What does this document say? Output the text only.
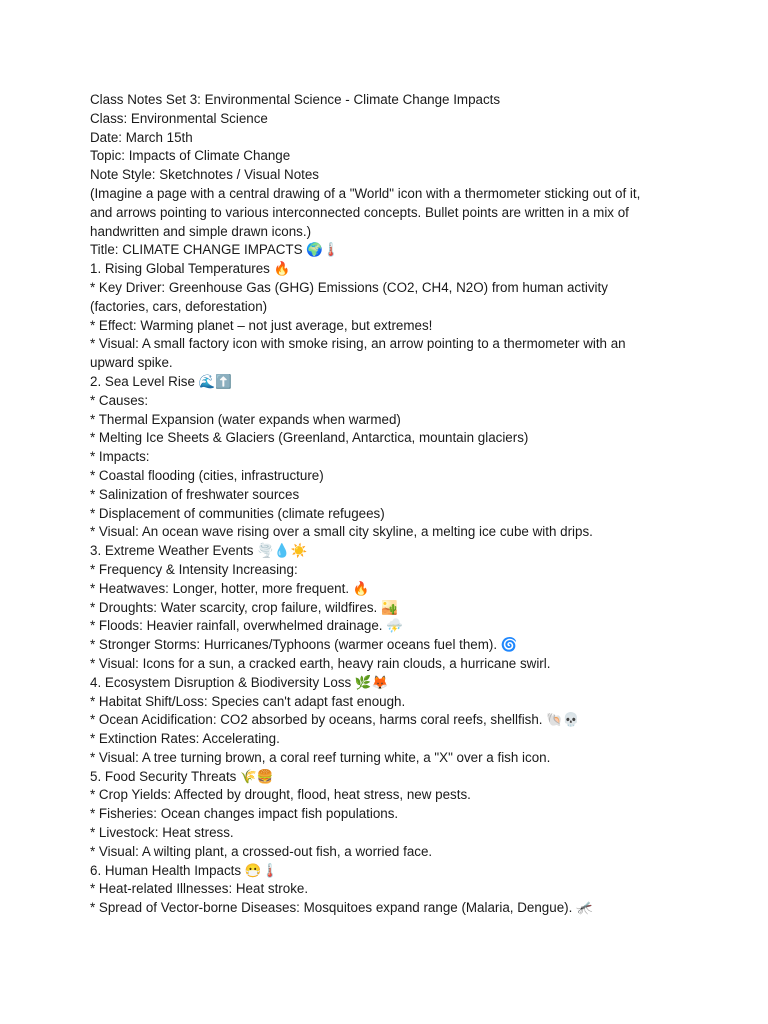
Class Notes Set 3: Environmental Science - Climate Change Impacts

Class: Environmental Science

Date: March 15th

Topic: Impacts of Climate Change

Note Style: Sketchnotes / Visual Notes

(Imagine a page with a central drawing of a "World" icon with a thermometer sticking out of it,

and arrows pointing to various interconnected concepts. Bullet points are written in a mix of

handwritten and simple drawn icons.)

Title: CLIMATE CHANGE IMPACTS 🌍🌡️

1. Rising Global Temperatures 🔥

* Key Driver: Greenhouse Gas (GHG) Emissions (CO2, CH4, N2O) from human activity

(factories, cars, deforestation)

* Effect: Warming planet – not just average, but extremes!

* Visual: A small factory icon with smoke rising, an arrow pointing to a thermometer with an

upward spike.

2. Sea Level Rise 🌊⬆️

* Causes:

* Thermal Expansion (water expands when warmed)

* Melting Ice Sheets & Glaciers (Greenland, Antarctica, mountain glaciers)

* Impacts:

* Coastal flooding (cities, infrastructure)

* Salinization of freshwater sources

* Displacement of communities (climate refugees)

* Visual: An ocean wave rising over a small city skyline, a melting ice cube with drips.

3. Extreme Weather Events 🌪️💧☀️

* Frequency & Intensity Increasing:

* Heatwaves: Longer, hotter, more frequent. 🔥

* Droughts: Water scarcity, crop failure, wildfires. 🏜️

* Floods: Heavier rainfall, overwhelmed drainage. ⛈️

* Stronger Storms: Hurricanes/Typhoons (warmer oceans fuel them). 🌀

* Visual: Icons for a sun, a cracked earth, heavy rain clouds, a hurricane swirl.

4. Ecosystem Disruption & Biodiversity Loss 🌿🦊

* Habitat Shift/Loss: Species can't adapt fast enough.

* Ocean Acidification: CO2 absorbed by oceans, harms coral reefs, shellfish. 🐚💀

* Extinction Rates: Accelerating.

* Visual: A tree turning brown, a coral reef turning white, a "X" over a fish icon.

5. Food Security Threats 🌾🍔

* Crop Yields: Affected by drought, flood, heat stress, new pests.

* Fisheries: Ocean changes impact fish populations.

* Livestock: Heat stress.

* Visual: A wilting plant, a crossed-out fish, a worried face.

6. Human Health Impacts 😷🌡️

* Heat-related Illnesses: Heat stroke.

* Spread of Vector-borne Diseases: Mosquitoes expand range (Malaria, Dengue). 🦟
